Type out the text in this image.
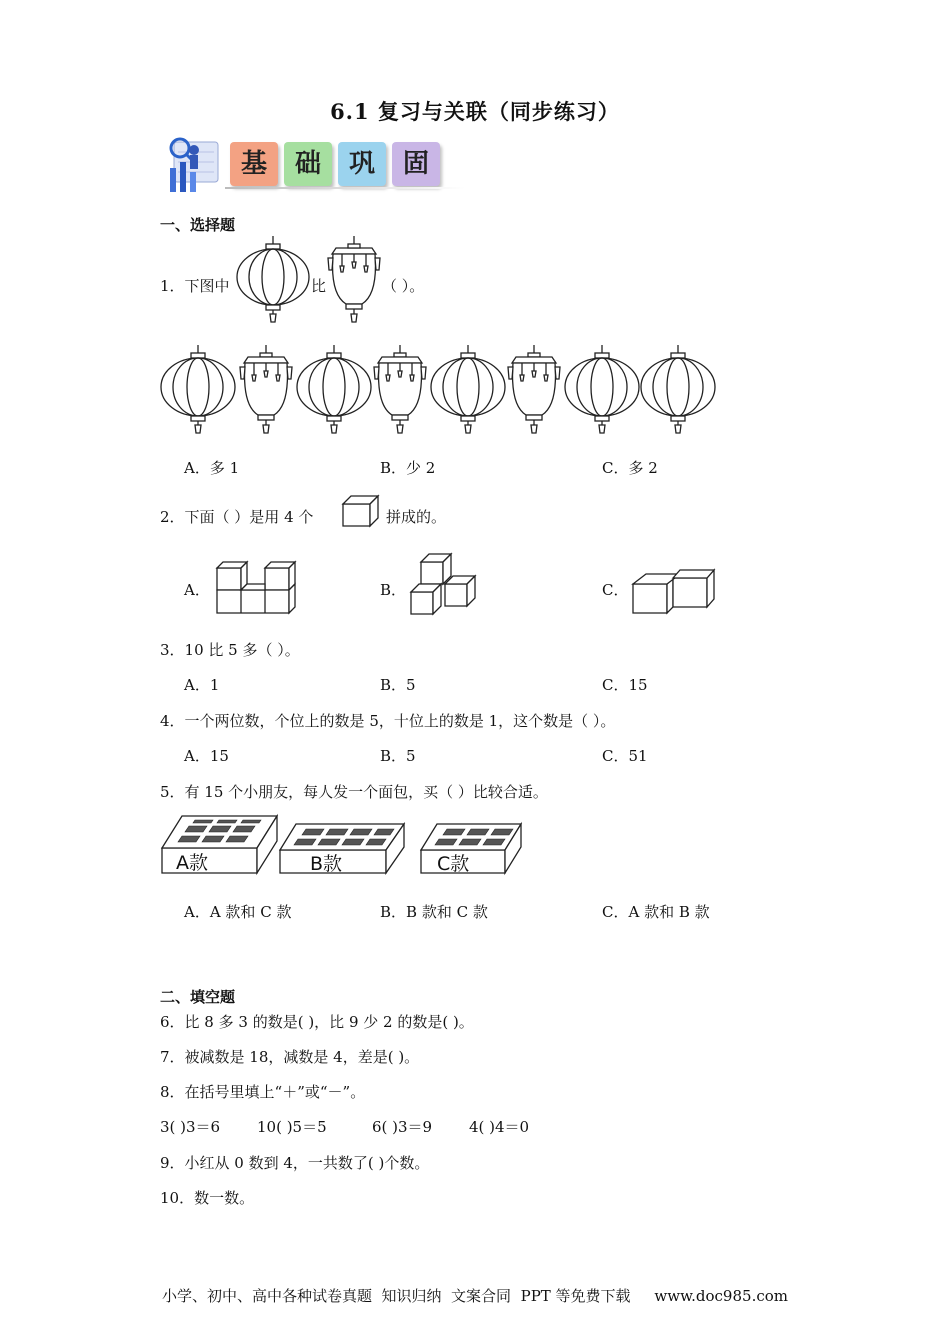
6.1 复习与关联（同步练习）
基	础	巩	固
一、选择题
1．下图中	比	（ ）。
A．多 1	B．少 2	C．多 2
2．下面（ ）是用 4 个	拼成的。
A．	B．	C．
3．10 比 5 多（ ）。
A．1	B．5	C．15
4．一个两位数，个位上的数是 5，十位上的数是 1，这个数是（ ）。
A．15	B．5	C．51
5．有 15 个小朋友，每人发一个面包，买（ ）比较合适。
A款	B款	C款
A．A 款和 C 款	B．B 款和 C 款	C．A 款和 B 款
二、填空题
6．比 8 多 3 的数是( )，比 9 少 2 的数是( )。
7．被减数是 18，减数是 4，差是( )。
8．在括号里填上“＋”或“－”。
3( )3＝6 10( )5＝5	6( )3＝9 4( )4＝0
9．小红从 0 数到 4，一共数了( )个数。
10．数一数。
小学、初中、高中各种试卷真题  知识归纳  文案合同  PPT 等免费下载     www.doc985.com
